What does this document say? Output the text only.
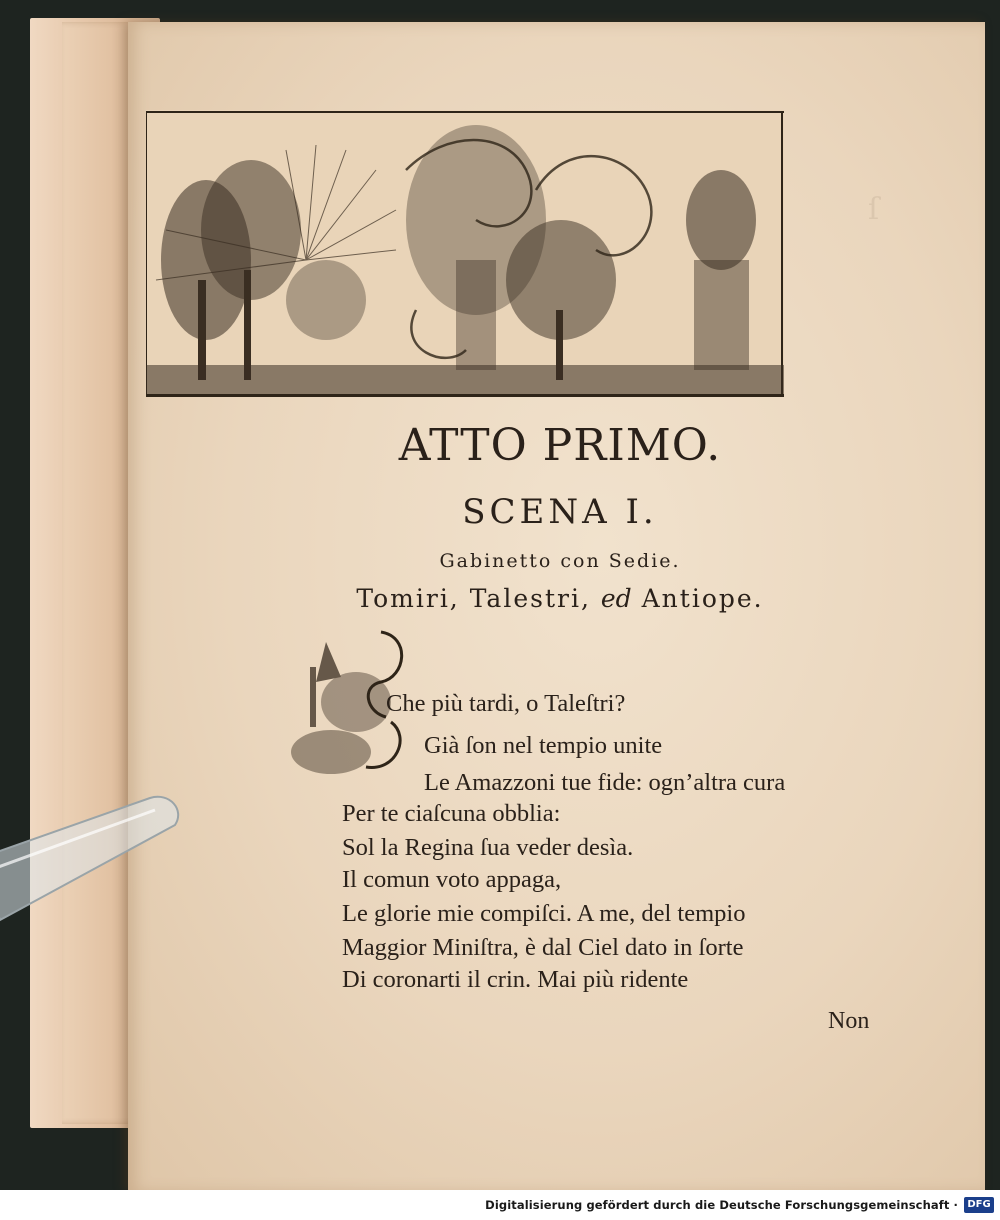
ſ
ATTO PRIMO.
SCENA I.
Gabinetto con Sedie.
Tomiri, Talestri, ed Antiope.
Che più tardi, o Taleſtri?
Già ſon nel tempio unite
Le Amazzoni tue fide: ogn’altra cura
Per te ciaſcuna obblia:
Sol la Regina ſua veder desìa.
Il comun voto appaga,
Le glorie mie compiſci. A me, del tempio
Maggior Miniſtra, è dal Ciel dato in ſorte
Di coronarti il crin. Mai più ridente
Non
Digitalisierung gefördert durch die Deutsche Forschungsgemeinschaft · DFG
